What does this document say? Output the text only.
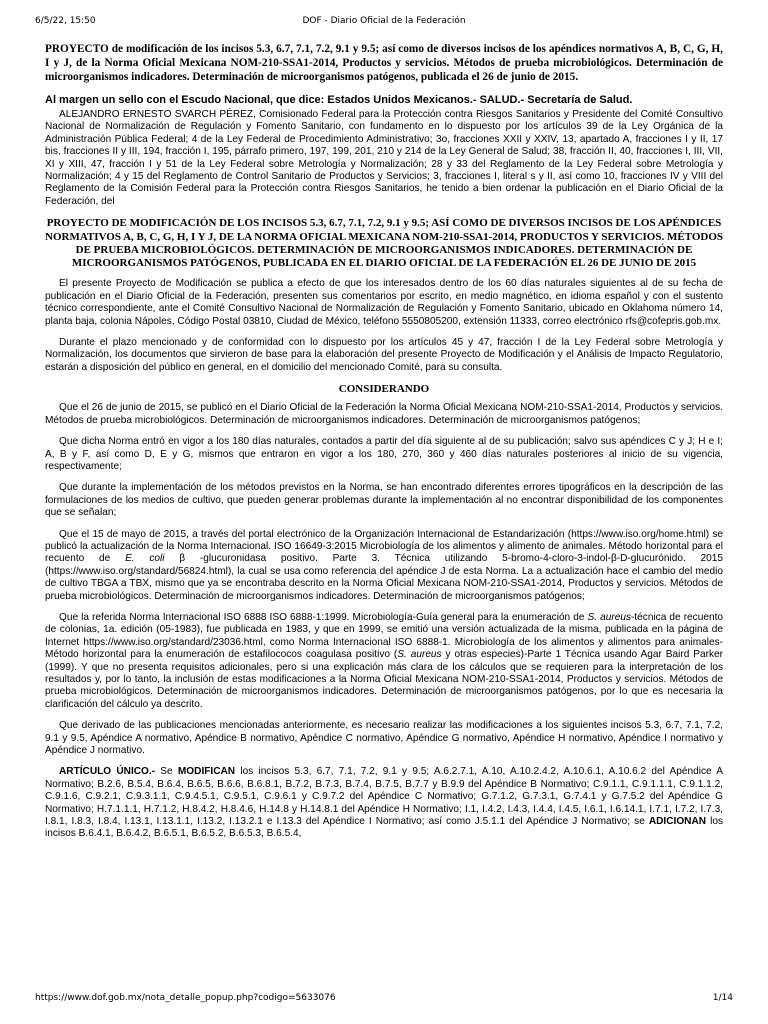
6/5/22, 15:50	DOF - Diario Oficial de la Federación
PROYECTO de modificación de los incisos 5.3, 6.7, 7.1, 7.2, 9.1 y 9.5; así como de diversos incisos de los apéndices normativos A, B, C, G, H, I y J, de la Norma Oficial Mexicana NOM-210-SSA1-2014, Productos y servicios. Métodos de prueba microbiológicos. Determinación de microorganismos indicadores. Determinación de microorganismos patógenos, publicada el 26 de junio de 2015.
Al margen un sello con el Escudo Nacional, que dice: Estados Unidos Mexicanos.- SALUD.- Secretaría de Salud.

ALEJANDRO ERNESTO SVARCH PÉREZ, Comisionado Federal para la Protección contra Riesgos Sanitarios y Presidente del Comité Consultivo Nacional de Normalización de Regulación y Fomento Sanitario, con fundamento en lo dispuesto por los artículos 39 de la Ley Orgánica de la Administración Pública Federal; 4 de la Ley Federal de Procedimiento Administrativo; 3o, fracciones XXII y XXIV, 13, apartado A, fracciones I y II, 17 bis, fracciones II y III, 194, fracción I, 195, párrafo primero, 197, 199, 201, 210 y 214 de la Ley General de Salud; 38, fracción II, 40, fracciones I, III, VII, XI y XIII, 47, fracción I y 51 de la Ley Federal sobre Metrología y Normalización; 28 y 33 del Reglamento de la Ley Federal sobre Metrología y Normalización; 4 y 15 del Reglamento de Control Sanitario de Productos y Servicios; 3, fracciones I, literal s y II, así como 10, fracciones IV y VIII del Reglamento de la Comisión Federal para la Protección contra Riesgos Sanitarios, he tenido a bien ordenar la publicación en el Diario Oficial de la Federación, del

PROYECTO DE MODIFICACIÓN DE LOS INCISOS 5.3, 6.7, 7.1, 7.2, 9.1 y 9.5; ASÍ COMO DE DIVERSOS INCISOS DE LOS APÉNDICES NORMATIVOS A, B, C, G, H, I Y J, DE LA NORMA OFICIAL MEXICANA NOM-210-SSA1-2014, PRODUCTOS Y SERVICIOS. MÉTODOS DE PRUEBA MICROBIOLÓGICOS. DETERMINACIÓN DE MICROORGANISMOS INDICADORES. DETERMINACIÓN DE MICROORGANISMOS PATÓGENOS, PUBLICADA EN EL DIARIO OFICIAL DE LA FEDERACIÓN EL 26 DE JUNIO DE 2015

El presente Proyecto de Modificación se publica a efecto de que los interesados dentro de los 60 días naturales siguientes al de su fecha de publicación en el Diario Oficial de la Federación, presenten sus comentarios por escrito, en medio magnético, en idioma español y con el sustento técnico correspondiente, ante el Comité Consultivo Nacional de Normalización de Regulación y Fomento Sanitario, ubicado en Oklahoma número 14, planta baja, colonia Nápoles, Código Postal 03810, Ciudad de México, teléfono 5550805200, extensión 11333, correo electrónico rfs@cofepris.gob.mx.

Durante el plazo mencionado y de conformidad con lo dispuesto por los artículos 45 y 47, fracción I de la Ley Federal sobre Metrología y Normalización, los documentos que sirvieron de base para la elaboración del presente Proyecto de Modificación y el Análisis de Impacto Regulatorio, estarán a disposición del público en general, en el domicilio del mencionado Comité, para su consulta.

CONSIDERANDO

Que el 26 de junio de 2015, se publicó en el Diario Oficial de la Federación la Norma Oficial Mexicana NOM-210-SSA1-2014, Productos y servicios. Métodos de prueba microbiológicos. Determinación de microorganismos indicadores. Determinación de microorganismos patógenos;

Que dicha Norma entró en vigor a los 180 días naturales, contados a partir del día siguiente al de su publicación; salvo sus apéndices C y J; H e I; A, B y F, así como D, E y G, mismos que entraron en vigor a los 180, 270, 360 y 460 días naturales posteriores al inicio de su vigencia, respectivamente;

Que durante la implementación de los métodos previstos en la Norma, se han encontrado diferentes errores tipográficos en la descripción de las formulaciones de los medios de cultivo, que pueden generar problemas durante la implementación al no encontrar disponibilidad de los componentes que se señalan;

Que el 15 de mayo de 2015, a través del portal electrónico de la Organización Internacional de Estandarización (https://www.iso.org/home.html) se publicó la actualización de la Norma Internacional. ISO 16649-3:2015 Microbiología de los alimentos y alimento de animales. Método horizontal para el recuento de E. coli β -glucuronidasa positivo. Parte 3. Técnica utilizando 5-bromo-4-cloro-3-indol-β-D-glucurónido. 2015 (https://www.iso.org/standard/56824.html), la cual se usa como referencia del apéndice J de esta Norma. La a actualización hace el cambio del medio de cultivo TBGA a TBX, mismo que ya se encontraba descrito en la Norma Oficial Mexicana NOM-210-SSA1-2014, Productos y servicios. Métodos de prueba microbiológicos. Determinación de microorganismos indicadores. Determinación de microorganismos patógenos;

Que la referida Norma Internacional ISO 6888 ISO 6888-1:1999. Microbiología-Guía general para la enumeración de S. aureus-técnica de recuento de colonias, 1a. edición (05-1983), fue publicada en 1983, y que en 1999, se emitió una versión actualizada de la misma, publicada en la página de Internet https://www.iso.org/standard/23036.html, como Norma Internacional ISO 6888-1. Microbiología de los alimentos y alimentos para animales-Método horizontal para la enumeración de estafilococos coagulasa positivo (S. aureus y otras especies)-Parte 1 Técnica usando Agar Baird Parker (1999). Y que no presenta requisitos adicionales, pero si una explicación más clara de los cálculos que se requieren para la interpretación de los resultados y, por lo tanto, la inclusión de estas modificaciones a la Norma Oficial Mexicana NOM-210-SSA1-2014, Productos y servicios. Métodos de prueba microbiológicos. Determinación de microorganismos indicadores. Determinación de microorganismos patógenos, por lo que es necesaria la clarificación del cálculo ya descrito.

Que derivado de las publicaciones mencionadas anteriormente, es necesario realizar las modificaciones a los siguientes incisos 5.3, 6.7, 7.1, 7.2, 9.1 y 9.5, Apéndice A normativo, Apéndice B normativo, Apéndice C normativo, Apéndice G normativo, Apéndice H normativo, Apéndice I normativo y Apéndice J normativo.

ARTÍCULO ÚNICO.- Se MODIFICAN los incisos 5.3, 6.7, 7.1, 7.2, 9.1 y 9.5; A.6.2.7.1, A.10, A.10.2.4.2, A.10.6.1, A.10.6.2 del Apéndice A Normativo; B.2.6, B.5.4, B.6.4, B.6.5, B.6.6, B.6.8.1, B.7.2, B.7.3, B.7.4, B.7.5, B.7.7 y B.9.9 del Apéndice B Normativo; C.9.1.1, C.9.1.1.1, C.9.1.1.2, C.9.1.6, C.9.2.1, C.9.3.1.1, C.9.4.5.1, C.9.5.1, C.9.6.1 y C.9.7.2 del Apéndice C Normativo; G.7.1.2, G.7.3.1, G.7.4.1 y G.7.5.2 del Apéndice G Normativo; H.7.1.1.1, H.7.1.2, H.8.4.2, H.8.4.6, H.14.8 y H.14.8.1 del Apéndice H Normativo; I.1, I.4.2, I.4.3, I.4.4, I.4.5, I.6.1, I.6.14.1, I.7.1, I.7.2, I.7.3, I.8.1, I.8.3, I.8.4, I.13.1, I.13.1.1, I.13.2, I.13.2.1 e I.13.3 del Apéndice I Normativo; así como J.5.1.1 del Apéndice J Normativo; se ADICIONAN los incisos B.6.4.1, B.6.4.2, B.6.5.1, B.6.5.2, B.6.5.3, B.6.5.4,

https://www.dof.gob.mx/nota_detalle_popup.php?codigo=5633076	1/14
